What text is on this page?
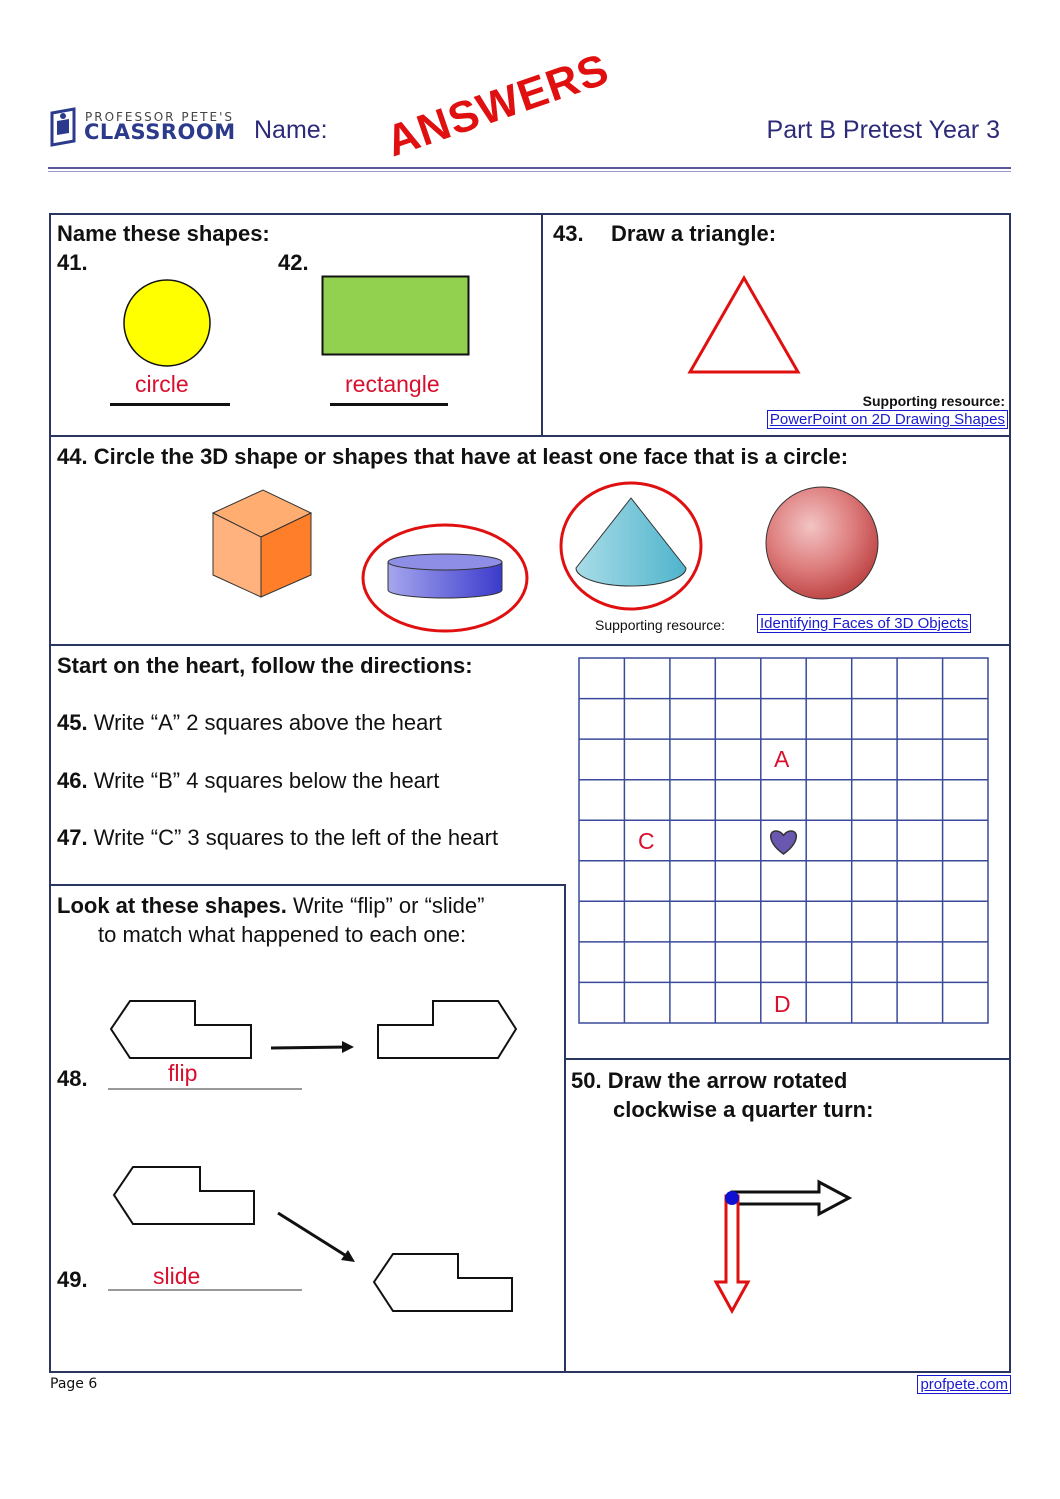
PROFESSOR PETE'S
CLASSROOM Name:	Part B Pretest Year 3
ANSWERS
Name these shapes:
41.	42.
circle	rectangle
43. Draw a triangle:
Supporting resource:
PowerPoint on 2D Drawing Shapes
44. Circle the 3D shape or shapes that have at least one face that is a circle:
Supporting resource: Identifying Faces of 3D Objects
Start on the heart, follow the directions:
45. Write “A” 2 squares above the heart
46. Write “B” 4 squares below the heart
47. Write “C” 3 squares to the left of the heart
A
C
D
Look at these shapes. Write “flip” or “slide”
to match what happened to each one:
48.	flip
49.	slide
50. Draw the arrow rotated
clockwise a quarter turn:
Page 6	profpete.com
